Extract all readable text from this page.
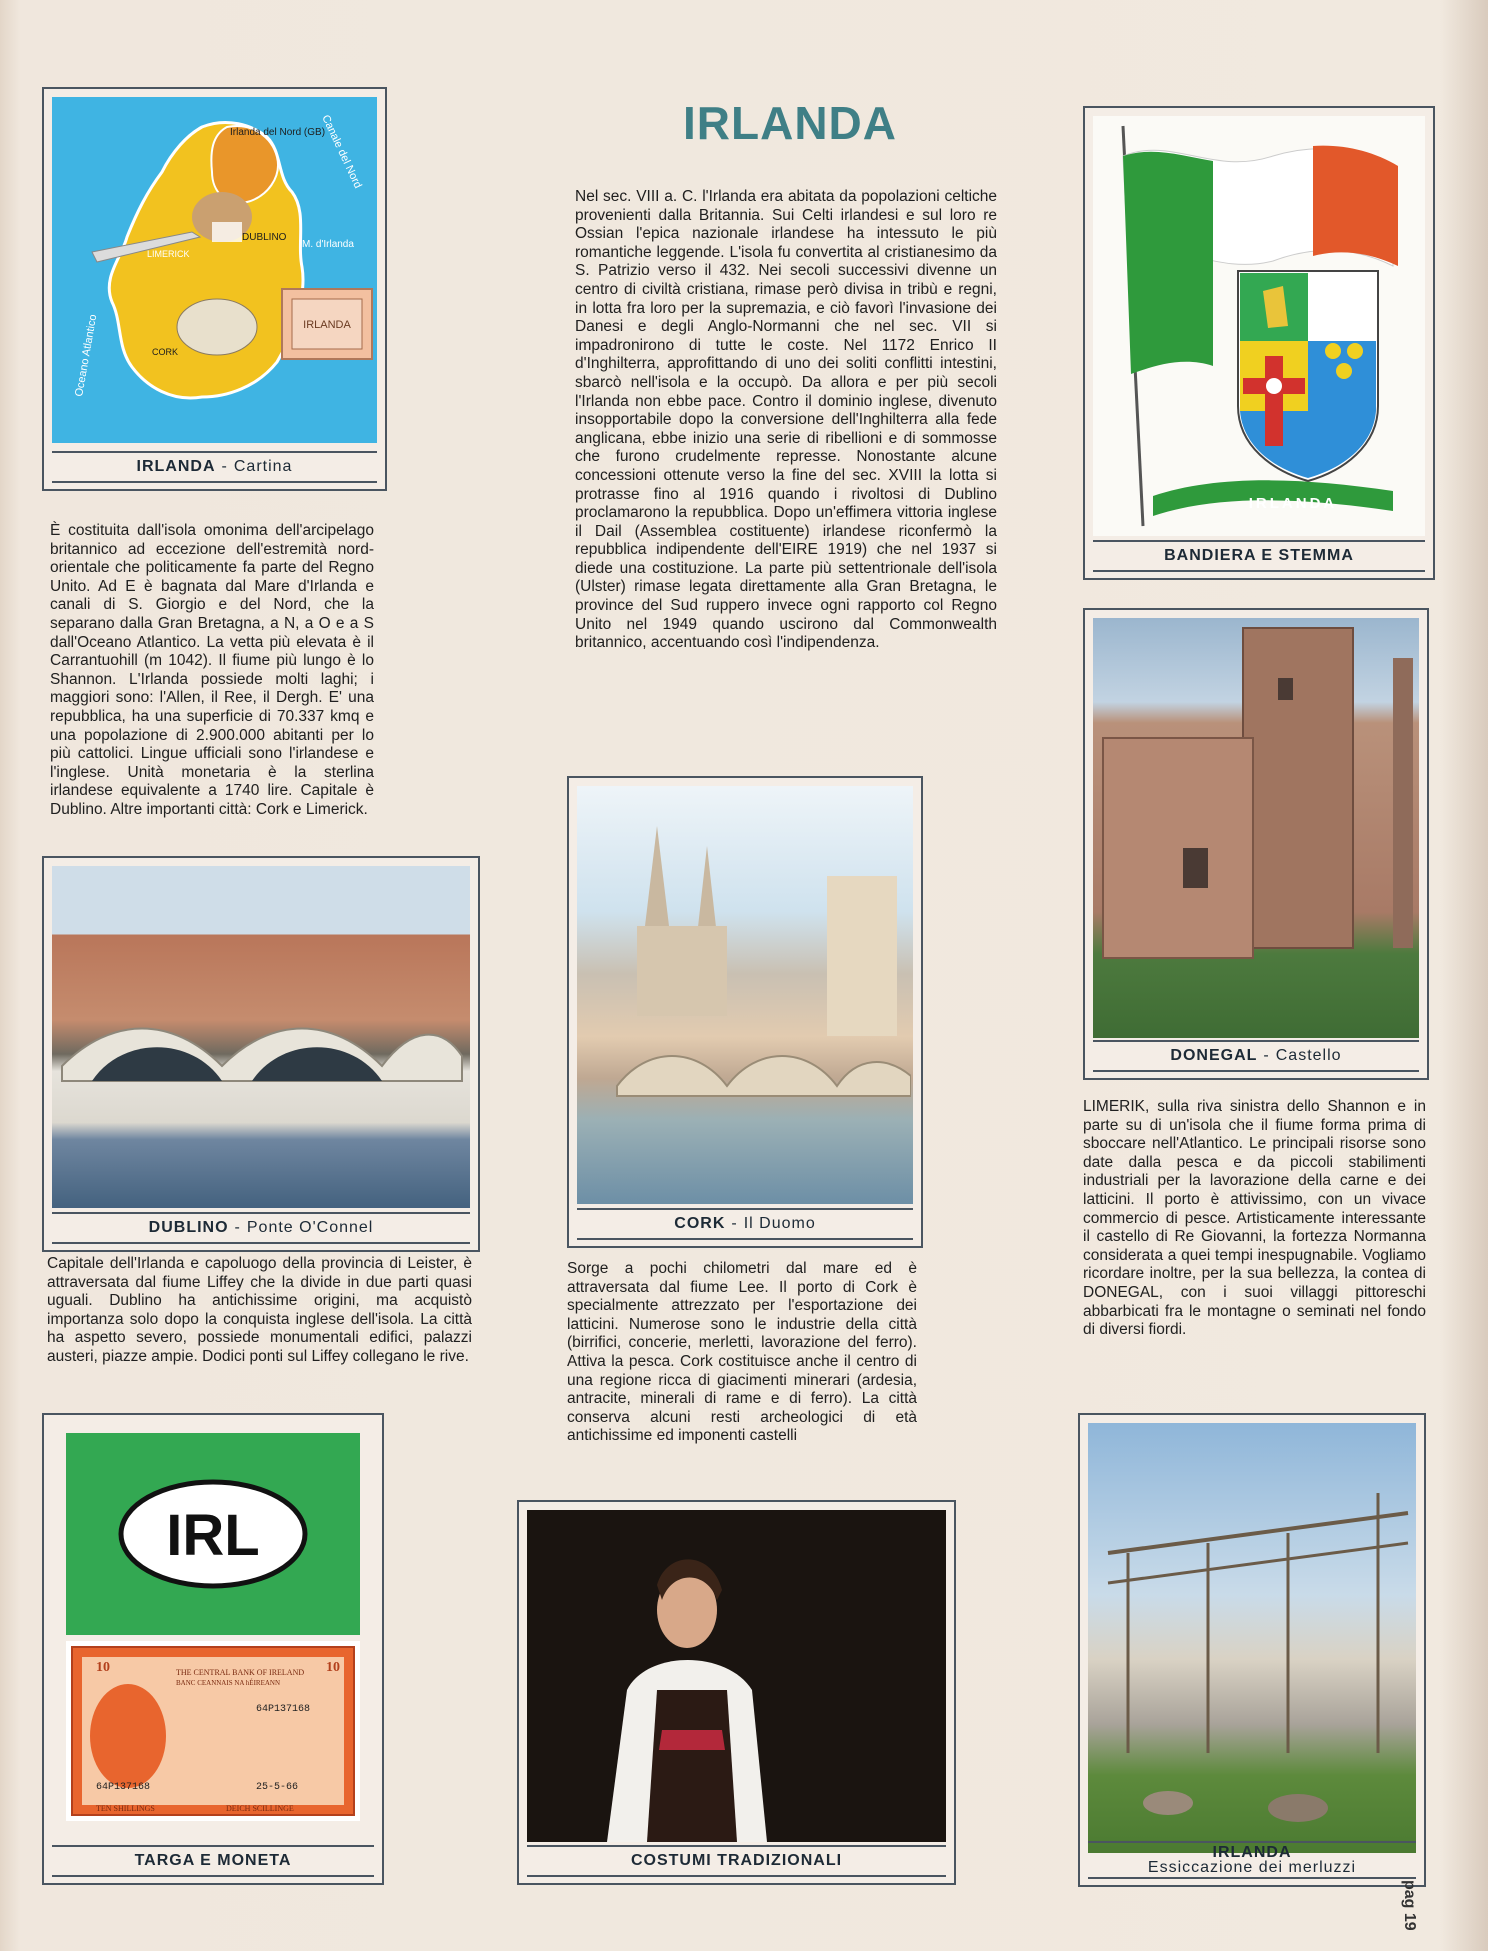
IRLANDA
Oceano Atlantico
Canale del Nord
Irlanda del Nord (GB)
DUBLINO
M. d'Irlanda
LIMERICK
CORK
IRLANDA
IRLANDA - Cartina
IRLANDA
BANDIERA E STEMMA
È costituita dall'isola omonima dell'arcipelago britannico ad eccezione dell'estremità nord-orientale che politicamente fa parte del Regno Unito. Ad E è bagnata dal Mare d'Irlanda e canali di S. Giorgio e del Nord, che la separano dalla Gran Bretagna, a N, a O e a S dall'Oceano Atlantico. La vetta più elevata è il Carrantuohill (m 1042). Il fiume più lungo è lo Shannon. L'Irlanda possiede molti laghi; i maggiori sono: l'Allen, il Ree, il Dergh. E' una repubblica, ha una superficie di 70.337 kmq e una popolazione di 2.900.000 abitanti per lo più cattolici. Lingue ufficiali sono l'irlandese e l'inglese. Unità monetaria è la sterlina irlandese equivalente a 1740 lire. Capitale è Dublino. Altre importanti città: Cork e Limerick.
Nel sec. VIII a. C. l'Irlanda era abitata da popolazioni celtiche provenienti dalla Britannia. Sui Celti irlandesi e sul loro re Ossian l'epica nazionale irlandese ha intessuto le più romantiche leggende. L'isola fu convertita al cristianesimo da S. Patrizio verso il 432. Nei secoli successivi divenne un centro di civiltà cristiana, rimase però divisa in tribù e regni, in lotta fra loro per la supremazia, e ciò favorì l'invasione dei Danesi e degli Anglo-Normanni che nel sec. VII si impadronirono di tutte le coste. Nel 1172 Enrico II d'Inghilterra, approfittando di uno dei soliti conflitti intestini, sbarcò nell'isola e la occupò. Da allora e per più secoli l'Irlanda non ebbe pace. Contro il dominio inglese, divenuto insopportabile dopo la conversione dell'Inghilterra alla fede anglicana, ebbe inizio una serie di ribellioni e di sommosse che furono crudelmente represse. Nonostante alcune concessioni ottenute verso la fine del sec. XVIII la lotta si protrasse fino al 1916 quando i rivoltosi di Dublino proclamarono la repubblica. Dopo un'effimera vittoria inglese il Dail (Assemblea costituente) irlandese riconfermò la repubblica indipendente dell'EIRE 1919) che nel 1937 si diede una costituzione. La parte più settentrionale dell'isola (Ulster) rimase legata direttamente alla Gran Bretagna, le province del Sud ruppero invece ogni rapporto col Regno Unito nel 1949 quando uscirono dal Commonwealth britannico, accentuando così l'indipendenza.
DUBLINO - Ponte O'Connel
Capitale dell'Irlanda e capoluogo della provincia di Leister, è attraversata dal fiume Liffey che la divide in due parti quasi uguali. Dublino ha antichissime origini, ma acquistò importanza solo dopo la conquista inglese dell'isola. La città ha aspetto severo, possiede monumentali edifici, palazzi austeri, piazze ampie. Dodici ponti sul Liffey collegano le rive.
CORK - Il Duomo
Sorge a pochi chilometri dal mare ed è attraversata dal fiume Lee. Il porto di Cork è specialmente attrezzato per l'esportazione dei latticini. Numerose sono le industrie della città (birrifici, concerie, merletti, lavorazione del ferro). Attiva la pesca. Cork costituisce anche il centro di una regione ricca di giacimenti minerari (ardesia, antracite, minerali di rame e di ferro). La città conserva alcuni resti archeologici di età antichissime ed imponenti castelli
DONEGAL - Castello
LIMERIK, sulla riva sinistra dello Shannon e in parte su di un'isola che il fiume forma prima di sboccare nell'Atlantico. Le principali risorse sono date dalla pesca e da piccoli stabilimenti industriali per la lavorazione della carne e dei latticini. Il porto è attivissimo, con un vivace commercio di pesce. Artisticamente interessante il castello di Re Giovanni, la fortezza Normanna considerata a quei tempi inespugnabile. Vogliamo ricordare inoltre, per la sua bellezza, la contea di DONEGAL, con i suoi villaggi pittoreschi abbarbicati fra le montagne o seminati nel fondo di diversi fiordi.
IRL
10	10
THE CENTRAL BANK OF IRELAND
BANC CEANNAIS NA hÉIREANN
64P137168
64P137168	25-5-66
TEN SHILLINGS	DEICH SCILLINGE
TARGA E MONETA	COSTUMI TRADIZIONALI	IRLANDA
Essiccazione dei merluzzi
pag 19
